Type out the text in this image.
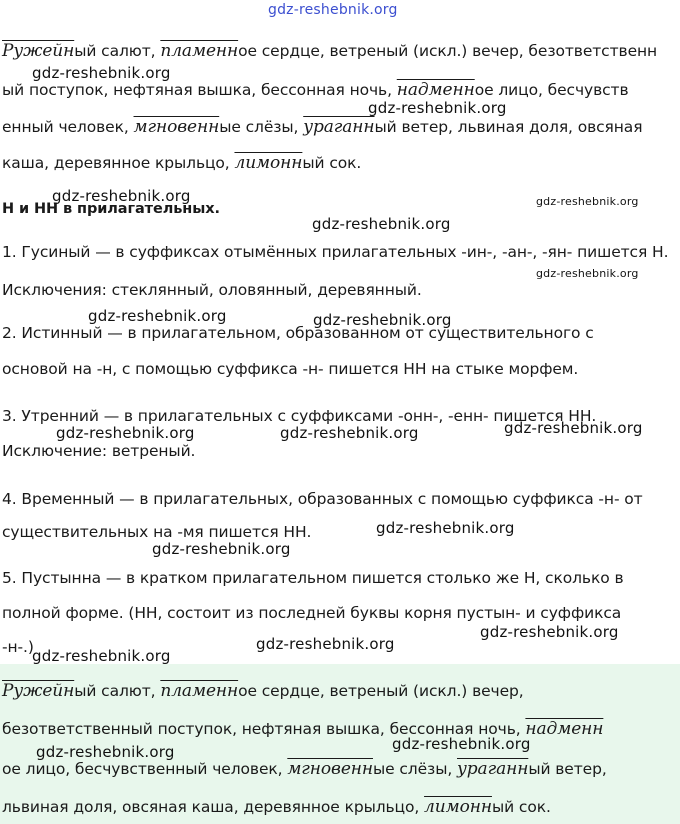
Ружейный салют, пламенное сердце, ветреный (искл.) вечер, безответственн
ый поступок, нефтяная вышка, бессонная ночь, надменное лицо, бесчувств
енный человек, мгновенные слёзы, ураганный ветер, львиная доля, овсяная
каша, деревянное крыльцо, лимонный сок.
Н и НН в прилагательных.
1. Гусиный — в суффиксах отымённых прилагательных -ин-, -ан-, -ян- пишется Н.
Исключения: стеклянный, оловянный, деревянный.
2. Истинный — в прилагательном, образованном от существительного с
основой на -н, с помощью суффикса -н- пишется НН на стыке морфем.
3. Утренний — в прилагательных с суффиксами -онн-, -енн- пишется НН.
Исключение: ветреный.
4. Временный — в прилагательных, образованных с помощью суффикса -н- от
существительных на -мя пишется НН.
5. Пустынна — в кратком прилагательном пишется столько же Н, сколько в
полной форме. (НН, состоит из последней буквы корня пустын- и суффикса
-н-.)
Ружейный салют, пламенное сердце, ветреный (искл.) вечер,
безответственный поступок, нефтяная вышка, бессонная ночь, надменн
ое лицо, бесчувственный человек, мгновенные слёзы, ураганный ветер,
львиная доля, овсяная каша, деревянное крыльцо, лимонный сок.
gdz-reshebnik.org
gdz-reshebnik.org
gdz-reshebnik.org
gdz-reshebnik.org	gdz-reshebnik.org
gdz-reshebnik.org
gdz-reshebnik.org
gdz-reshebnik.org	gdz-reshebnik.org
gdz-reshebnik.org	gdz-reshebnik.org	gdz-reshebnik.org
gdz-reshebnik.org
gdz-reshebnik.org
gdz-reshebnik.org
gdz-reshebnik.org
gdz-reshebnik.org
gdz-reshebnik.org
gdz-reshebnik.org
